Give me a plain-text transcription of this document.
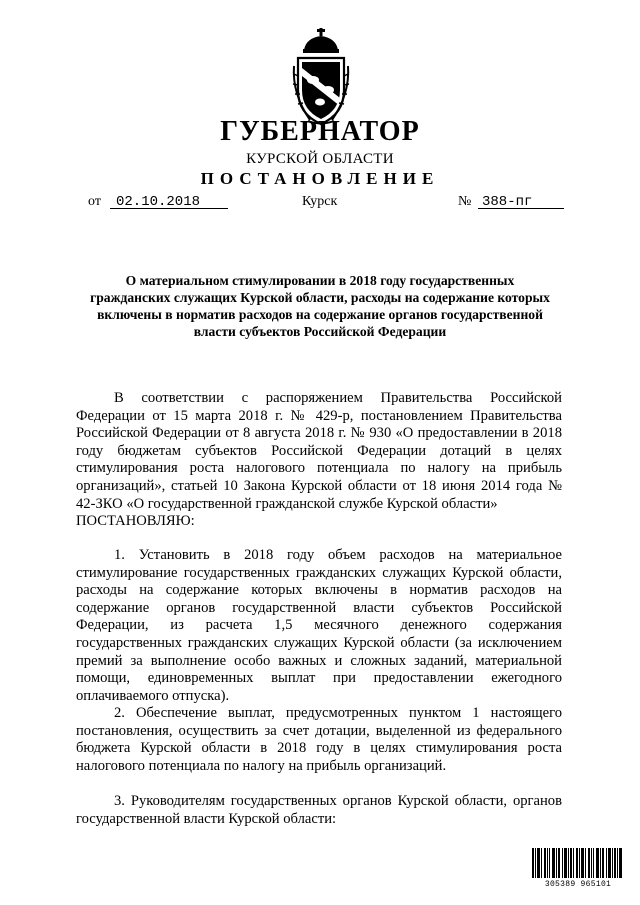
ГУБЕРНАТОР
КУРСКОЙ ОБЛАСТИ
ПОСТАНОВЛЕНИЕ
от 02.10.2018	Курск	№ 388-пг
О материальном стимулировании в 2018 году государственных гражданских служащих Курской области, расходы на содержание которых включены в норматив расходов на содержание органов государственной власти субъектов Российской Федерации

В соответствии с распоряжением Правительства Российской Федерации от 15 марта 2018 г. № 429-р, постановлением Правительства Российской Федерации от 8 августа 2018 г. № 930 «О предоставлении в 2018 году бюджетам субъектов Российской Федерации дотаций в целях стимулирования роста налогового потенциала по налогу на прибыль организаций», статьей 10 Закона Курской области от 18 июня 2014 года № 42-ЗКО «О государственной гражданской службе Курской области»

ПОСТАНОВЛЯЮ:

1. Установить в 2018 году объем расходов на материальное стимулирование государственных гражданских служащих Курской области, расходы на содержание которых включены в норматив расходов на содержание органов государственной власти субъектов Российской Федерации, из расчета 1,5 месячного денежного содержания государственных гражданских служащих Курской области (за исключением премий за выполнение особо важных и сложных заданий, материальной помощи, единовременных выплат при предоставлении ежегодного оплачиваемого отпуска).

2. Обеспечение выплат, предусмотренных пунктом 1 настоящего постановления, осуществить за счет дотации, выделенной из федерального бюджета Курской области в 2018 году в целях стимулирования роста налогового потенциала по налогу на прибыль организаций.

3. Руководителям государственных органов Курской области, органов государственной власти Курской области:

305389 965101
